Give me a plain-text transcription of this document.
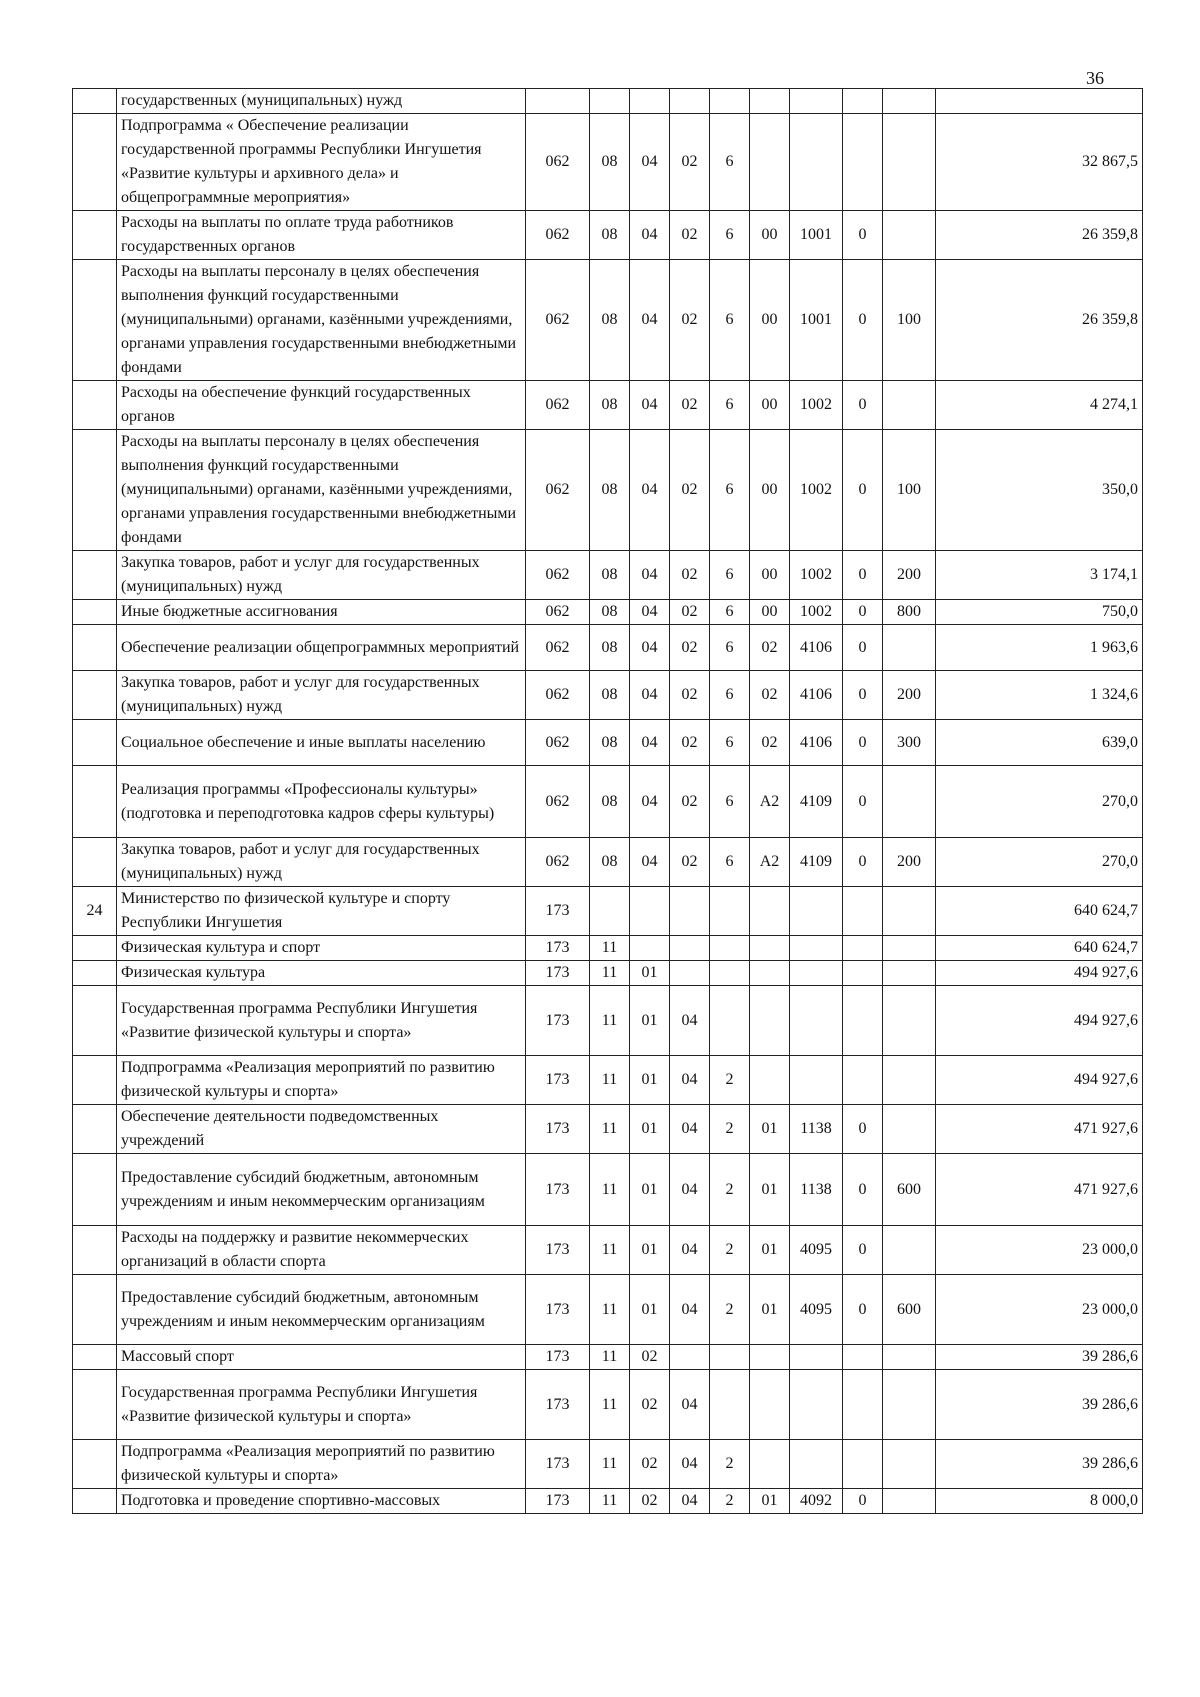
36
	государственных (муниципальных) нужд										
	Подпрограмма « Обеспечение реализации государственной программы Республики Ингушетия «Развитие культуры и архивного дела» и общепрограммные мероприятия»	062	08	04	02	6					32 867,5
	Расходы на выплаты по оплате труда работников государственных органов	062	08	04	02	6	00	1001	0		26 359,8
	Расходы на выплаты персоналу в целях обеспечения выполнения функций государственными (муниципальными) органами, казёнными учреждениями, органами управления государственными внебюджетными фондами	062	08	04	02	6	00	1001	0	100	26 359,8
	Расходы на обеспечение функций государственных органов	062	08	04	02	6	00	1002	0		4 274,1
	Расходы на выплаты персоналу в целях обеспечения выполнения функций государственными (муниципальными) органами, казёнными учреждениями, органами управления государственными внебюджетными фондами	062	08	04	02	6	00	1002	0	100	350,0
	Закупка товаров, работ и услуг для государственных (муниципальных) нужд	062	08	04	02	6	00	1002	0	200	3 174,1
	Иные бюджетные ассигнования	062	08	04	02	6	00	1002	0	800	750,0
	Обеспечение реализации общепрограммных мероприятий	062	08	04	02	6	02	4106	0		1 963,6
	Закупка товаров, работ и услуг для государственных (муниципальных) нужд	062	08	04	02	6	02	4106	0	200	1 324,6
	Социальное обеспечение и иные выплаты населению	062	08	04	02	6	02	4106	0	300	639,0
	Реализация программы «Профессионалы культуры» (подготовка и переподготовка кадров сферы культуры)	062	08	04	02	6	А2	4109	0		270,0
	Закупка товаров, работ и услуг для государственных (муниципальных) нужд	062	08	04	02	6	А2	4109	0	200	270,0
24	Министерство по физической культуре и спорту Республики Ингушетия	173									640 624,7
	Физическая культура и спорт	173	11								640 624,7
	Физическая культура	173	11	01							494 927,6
	Государственная программа Республики Ингушетия «Развитие физической культуры и спорта»	173	11	01	04						494 927,6
	Подпрограмма «Реализация мероприятий по развитию физической культуры и спорта»	173	11	01	04	2					494 927,6
	Обеспечение деятельности подведомственных учреждений	173	11	01	04	2	01	1138	0		471 927,6
	Предоставление субсидий бюджетным, автономным учреждениям и иным некоммерческим организациям	173	11	01	04	2	01	1138	0	600	471 927,6
	Расходы на поддержку и развитие некоммерческих организаций в области спорта	173	11	01	04	2	01	4095	0		23 000,0
	Предоставление субсидий бюджетным, автономным учреждениям и иным некоммерческим организациям	173	11	01	04	2	01	4095	0	600	23 000,0
	Массовый спорт	173	11	02							39 286,6
	Государственная программа Республики Ингушетия «Развитие физической культуры и спорта»	173	11	02	04						39 286,6
	Подпрограмма «Реализация мероприятий по развитию физической культуры и спорта»	173	11	02	04	2					39 286,6
	Подготовка и проведение спортивно-массовых	173	11	02	04	2	01	4092	0		8 000,0
